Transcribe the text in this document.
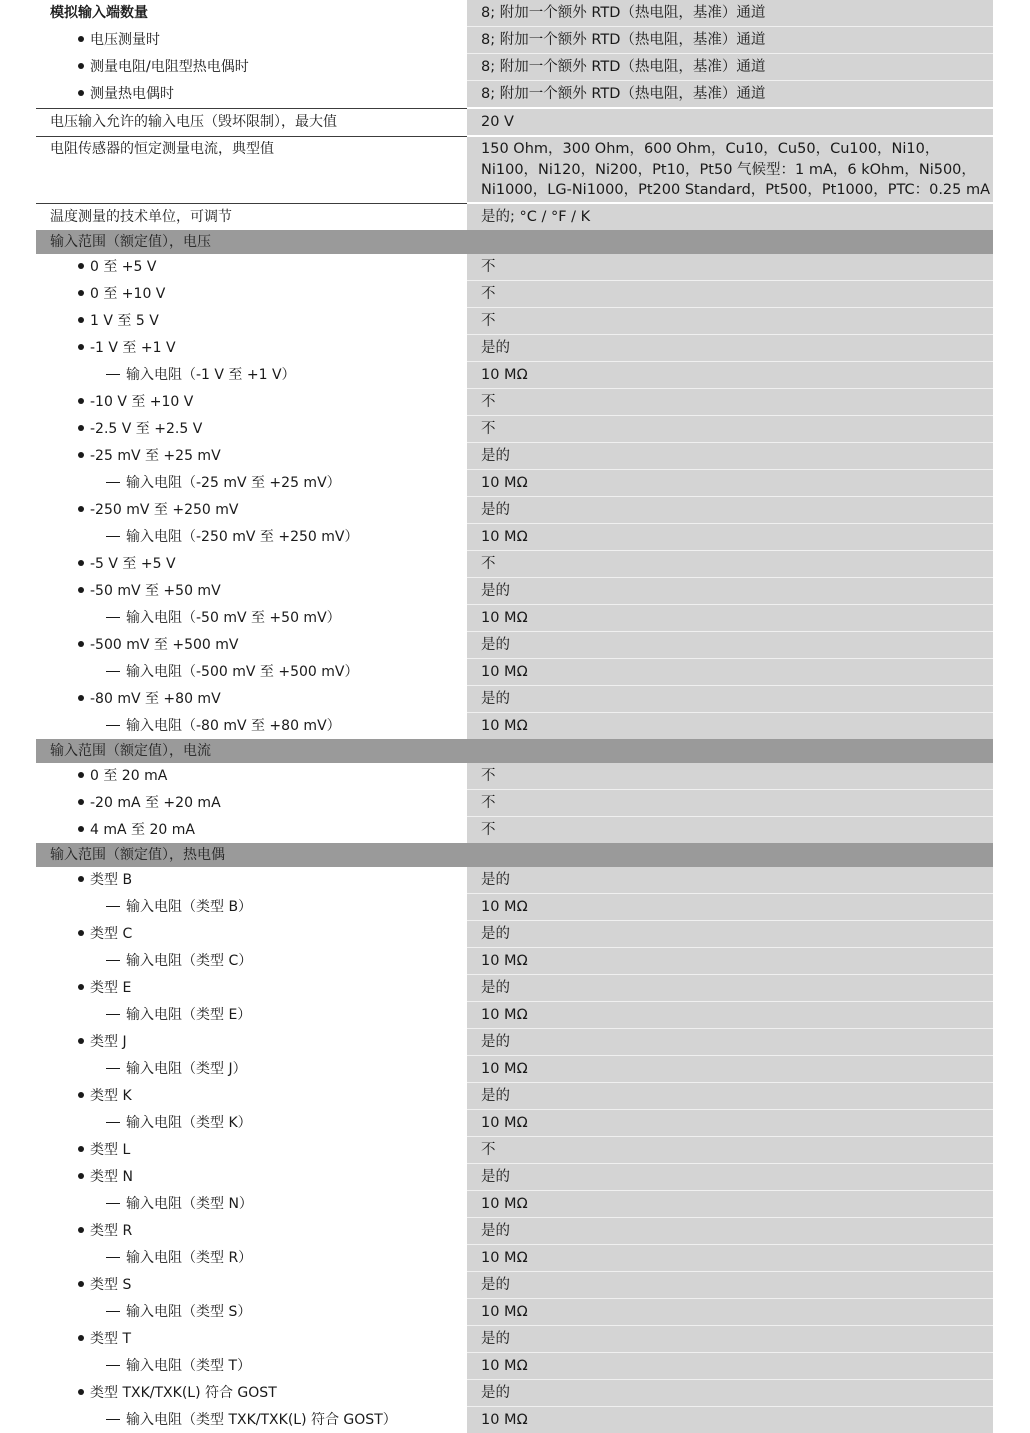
模拟输入端数量	8; 附加一个额外 RTD（热电阻，基准）通道
电压测量时	8; 附加一个额外 RTD（热电阻，基准）通道
测量电阻/电阻型热电偶时	8; 附加一个额外 RTD（热电阻，基准）通道
测量热电偶时	8; 附加一个额外 RTD（热电阻，基准）通道
电压输入允许的输入电压（毁坏限制），最大值	20 V
电阻传感器的恒定测量电流，典型值	150 Ohm，300 Ohm，600 Ohm，Cu10，Cu50，Cu100，Ni10，Ni100，Ni120，Ni200，Pt10，Pt50 气候型：1 mA，6 kOhm，Ni500，Ni1000，LG-Ni1000，Pt200 Standard，Pt500，Pt1000，PTC：0.25 mA
温度测量的技术单位，可调节	是的; °C / °F / K
输入范围（额定值），电压
0 至 +5 V	不
0 至 +10 V	不
1 V 至 5 V	不
-1 V 至 +1 V	是的
输入电阻（-1 V 至 +1 V）	10 MΩ
-10 V 至 +10 V	不
-2.5 V 至 +2.5 V	不
-25 mV 至 +25 mV	是的
输入电阻（-25 mV 至 +25 mV）	10 MΩ
-250 mV 至 +250 mV	是的
输入电阻（-250 mV 至 +250 mV）	10 MΩ
-5 V 至 +5 V	不
-50 mV 至 +50 mV	是的
输入电阻（-50 mV 至 +50 mV）	10 MΩ
-500 mV 至 +500 mV	是的
输入电阻（-500 mV 至 +500 mV）	10 MΩ
-80 mV 至 +80 mV	是的
输入电阻（-80 mV 至 +80 mV）	10 MΩ
输入范围（额定值），电流
0 至 20 mA	不
-20 mA 至 +20 mA	不
4 mA 至 20 mA	不
输入范围（额定值），热电偶
类型 B	是的
输入电阻（类型 B）	10 MΩ
类型 C	是的
输入电阻（类型 C）	10 MΩ
类型 E	是的
输入电阻（类型 E）	10 MΩ
类型 J	是的
输入电阻（类型 J）	10 MΩ
类型 K	是的
输入电阻（类型 K）	10 MΩ
类型 L	不
类型 N	是的
输入电阻（类型 N）	10 MΩ
类型 R	是的
输入电阻（类型 R）	10 MΩ
类型 S	是的
输入电阻（类型 S）	10 MΩ
类型 T	是的
输入电阻（类型 T）	10 MΩ
类型 TXK/TXK(L) 符合 GOST	是的
输入电阻（类型 TXK/TXK(L) 符合 GOST）	10 MΩ
